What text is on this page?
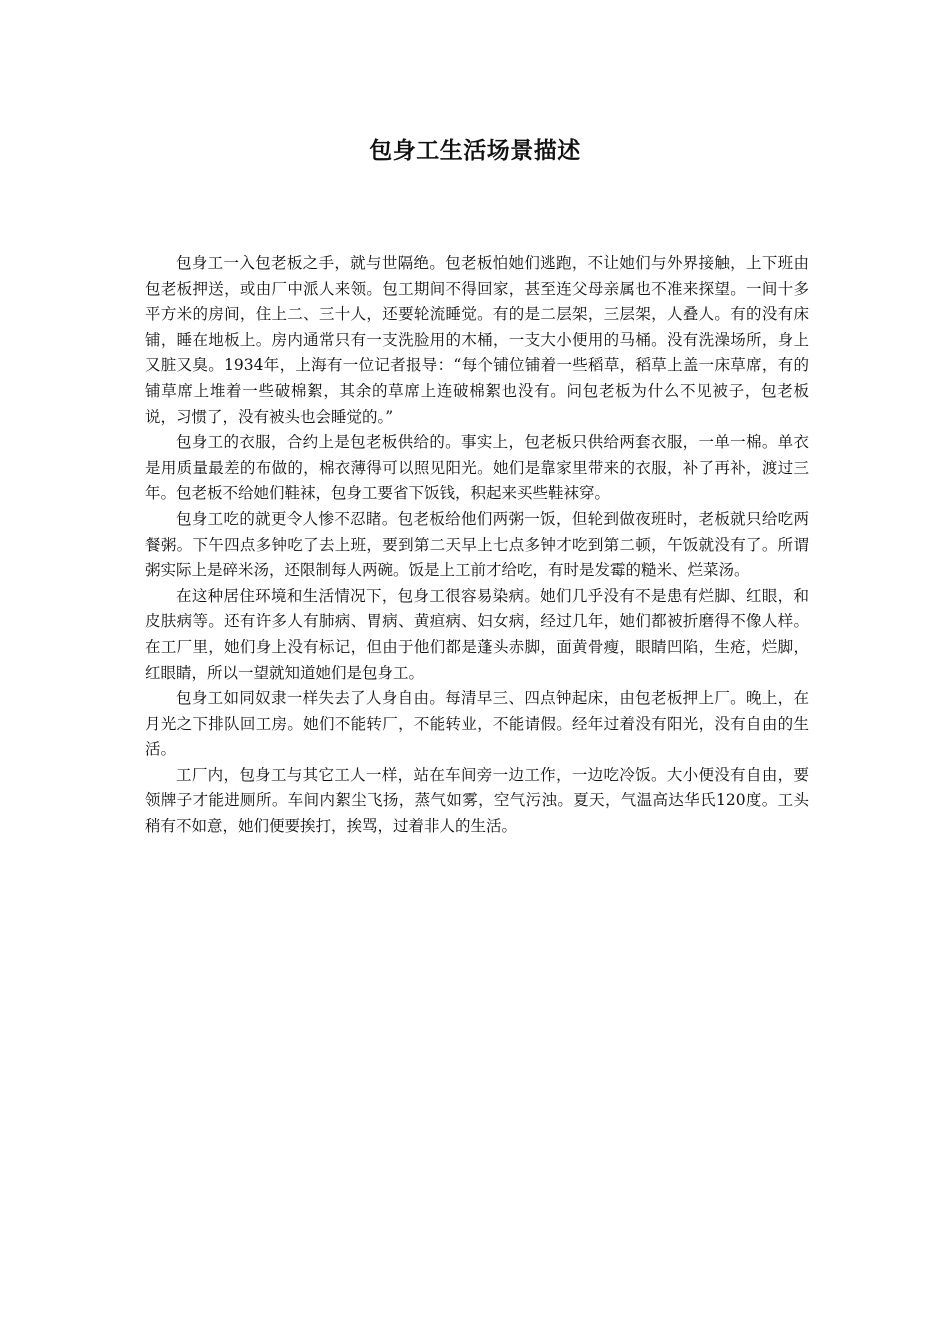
包身工生活场景描述

包身工一入包老板之手，就与世隔绝。包老板怕她们逃跑，不让她们与外界接触，上下班由包老板押送，或由厂中派人来领。包工期间不得回家，甚至连父母亲属也不准来探望。一间十多平方米的房间，住上二、三十人，还要轮流睡觉。有的是二层架，三层架，人叠人。有的没有床铺，睡在地板上。房内通常只有一支洗脸用的木桶，一支大小便用的马桶。没有洗澡场所，身上又脏又臭。1934年，上海有一位记者报导：“每个铺位铺着一些稻草，稻草上盖一床草席，有的铺草席上堆着一些破棉絮，其余的草席上连破棉絮也没有。问包老板为什么不见被子，包老板说，习惯了，没有被头也会睡觉的。”

包身工的衣服，合约上是包老板供给的。事实上，包老板只供给两套衣服，一单一棉。单衣是用质量最差的布做的，棉衣薄得可以照见阳光。她们是靠家里带来的衣服，补了再补，渡过三年。包老板不给她们鞋袜，包身工要省下饭钱，积起来买些鞋袜穿。

包身工吃的就更令人惨不忍睹。包老板给他们两粥一饭，但轮到做夜班时，老板就只给吃两餐粥。下午四点多钟吃了去上班，要到第二天早上七点多钟才吃到第二顿，午饭就没有了。所谓粥实际上是碎米汤，还限制每人两碗。饭是上工前才给吃，有时是发霉的糙米、烂菜汤。

在这种居住环境和生活情况下，包身工很容易染病。她们几乎没有不是患有烂脚、红眼，和皮肤病等。还有许多人有肺病、胃病、黄疸病、妇女病，经过几年，她们都被折磨得不像人样。在工厂里，她们身上没有标记，但由于他们都是蓬头赤脚，面黄骨瘦，眼睛凹陷，生疮，烂脚，红眼睛，所以一望就知道她们是包身工。

包身工如同奴隶一样失去了人身自由。每清早三、四点钟起床，由包老板押上厂。晚上，在月光之下排队回工房。她们不能转厂，不能转业，不能请假。经年过着没有阳光，没有自由的生活。

工厂内，包身工与其它工人一样，站在车间旁一边工作，一边吃冷饭。大小便没有自由，要领牌子才能进厕所。车间内絮尘飞扬，蒸气如雾，空气污浊。夏天，气温高达华氏120度。工头稍有不如意，她们便要挨打，挨骂，过着非人的生活。
